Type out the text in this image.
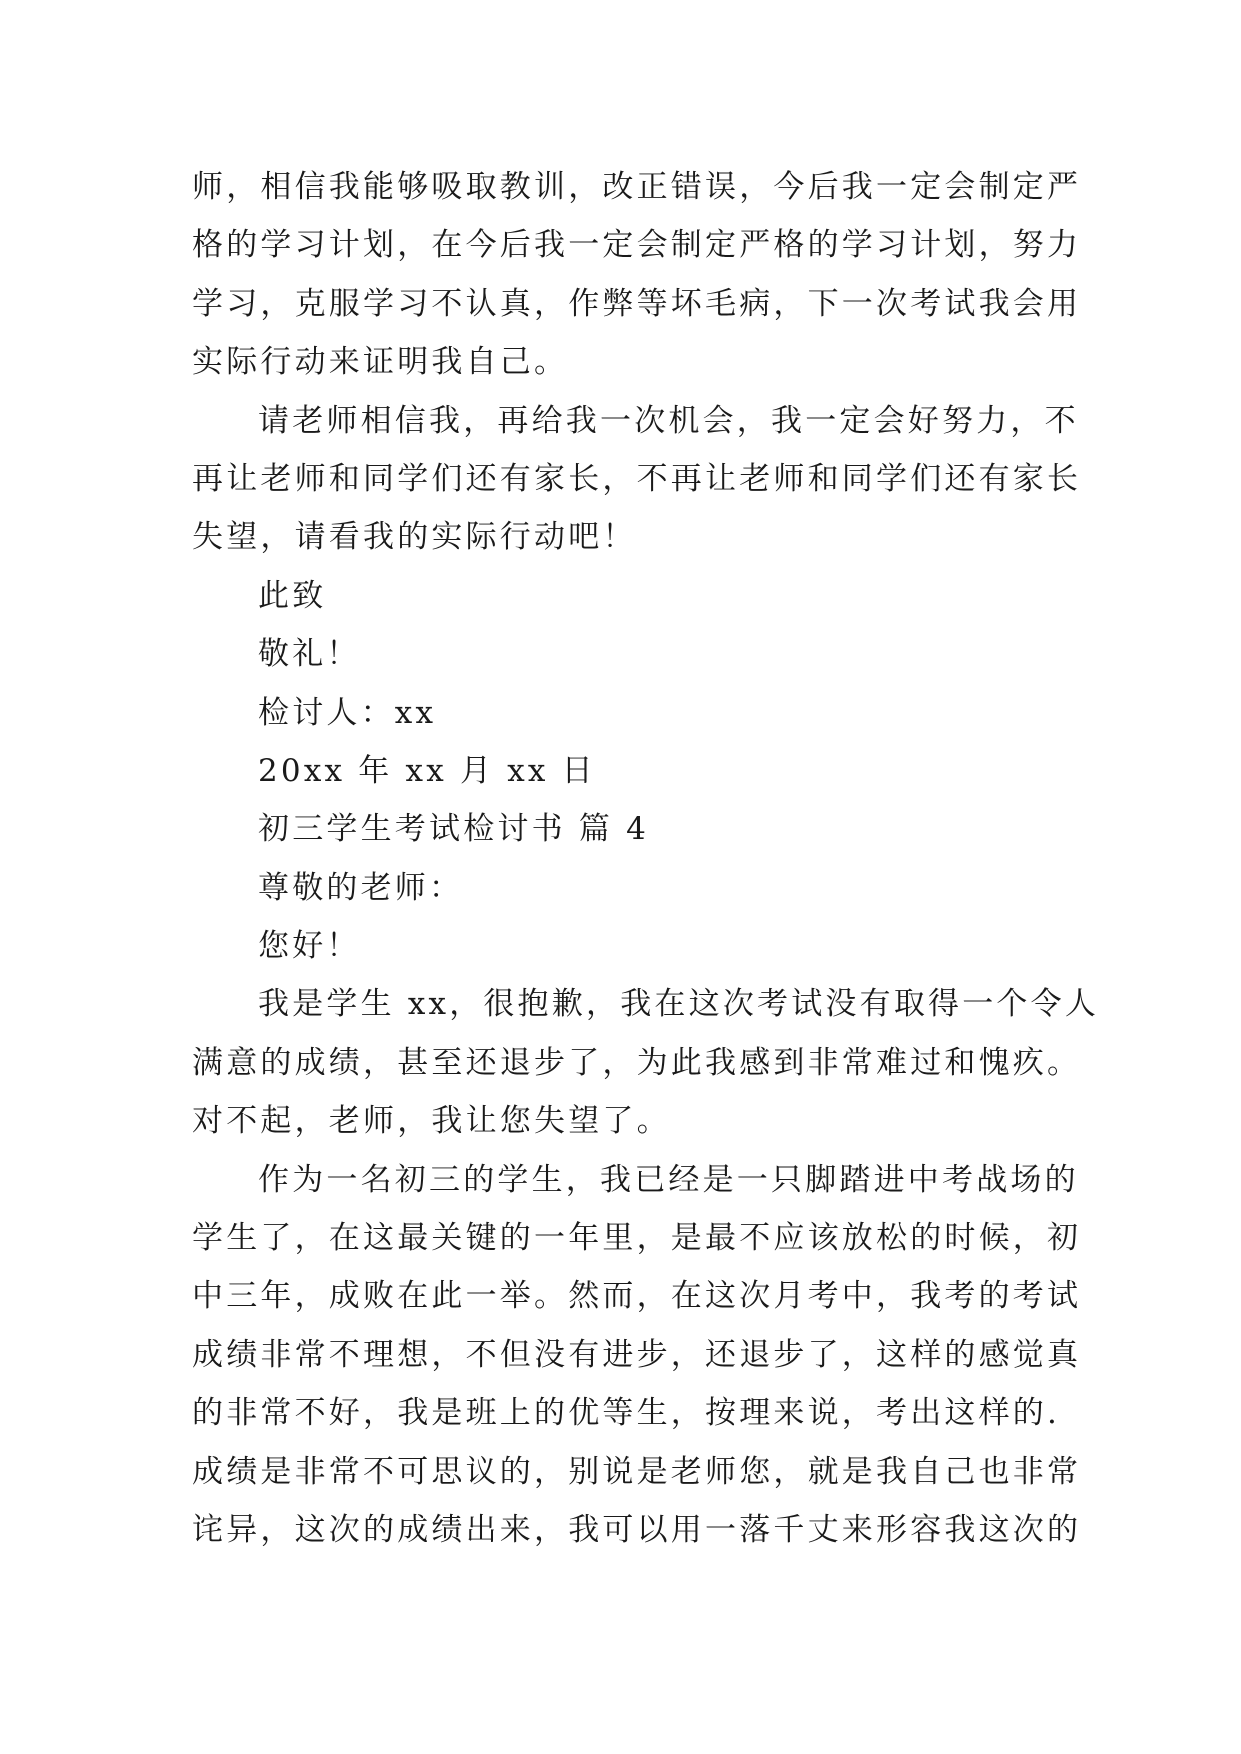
师，相信我能够吸取教训，改正错误，今后我一定会制定严
格的学习计划，在今后我一定会制定严格的学习计划，努力
学习，克服学习不认真，作弊等坏毛病，下一次考试我会用
实际行动来证明我自己。
请老师相信我，再给我一次机会，我一定会好努力，不
再让老师和同学们还有家长，不再让老师和同学们还有家长
失望，请看我的实际行动吧！
此致
敬礼！
检讨人：xx
20xx 年 xx 月 xx 日
初三学生考试检讨书 篇 4
尊敬的老师：
您好！
我是学生 xx，很抱歉，我在这次考试没有取得一个令人
满意的成绩，甚至还退步了，为此我感到非常难过和愧疚。
对不起，老师，我让您失望了。
作为一名初三的学生，我已经是一只脚踏进中考战场的
学生了，在这最关键的一年里，是最不应该放松的时候，初
中三年，成败在此一举。然而，在这次月考中，我考的考试
成绩非常不理想，不但没有进步，还退步了，这样的感觉真
的非常不好，我是班上的优等生，按理来说，考出这样的.
成绩是非常不可思议的，别说是老师您，就是我自己也非常
诧异，这次的成绩出来，我可以用一落千丈来形容我这次的
